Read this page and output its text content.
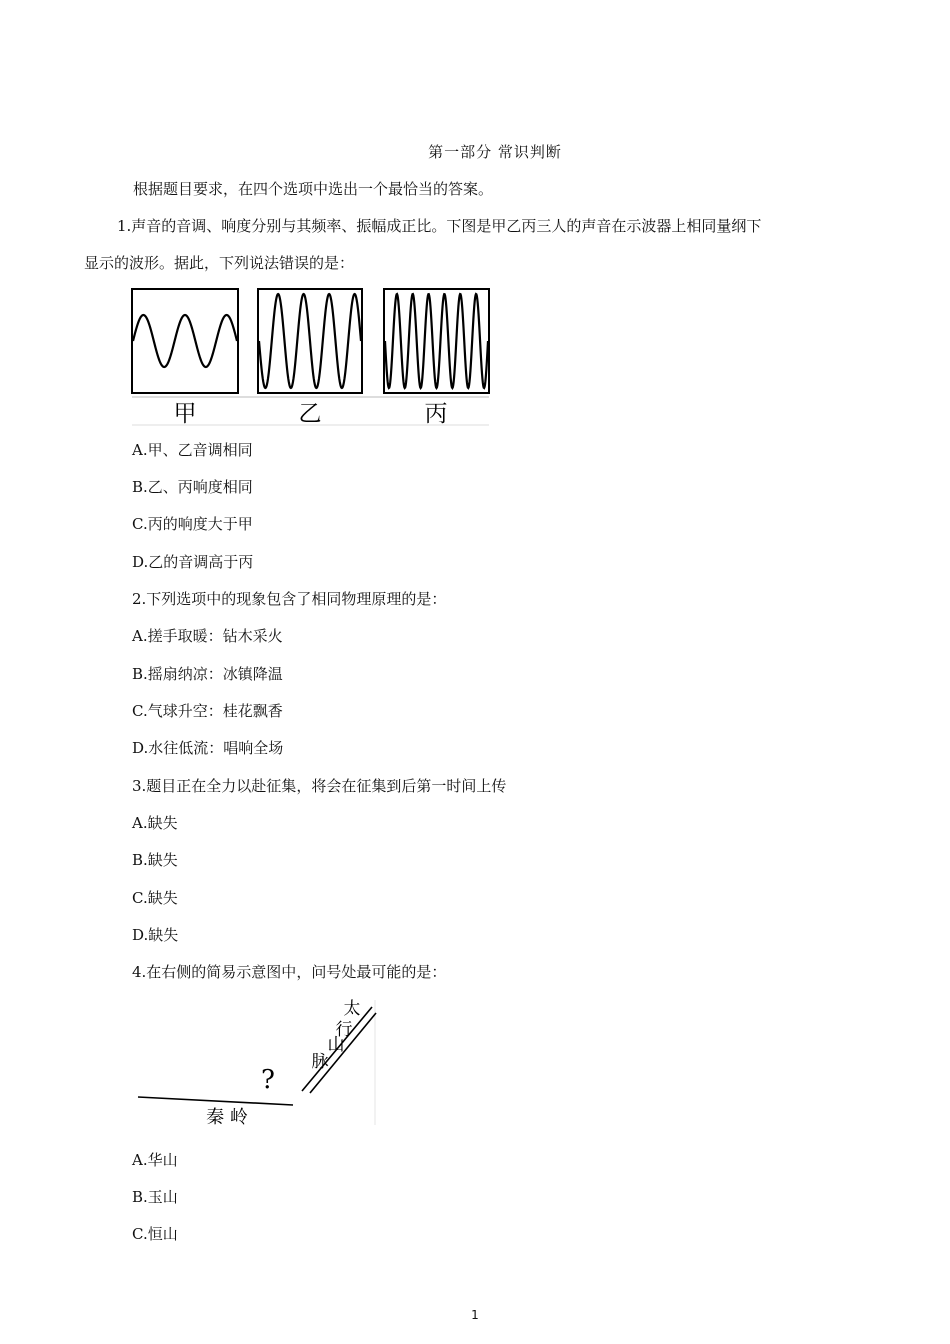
第一部分 常识判断
根据题目要求，在四个选项中选出一个最恰当的答案。
1.声音的音调、响度分别与其频率、振幅成正比。下图是甲乙丙三人的声音在示波器上相同量纲下
显示的波形。据此，下列说法错误的是：
甲	乙	丙
A.甲、乙音调相同
B.乙、丙响度相同
C.丙的响度大于甲
D.乙的音调高于丙
2.下列选项中的现象包含了相同物理原理的是：
A.搓手取暖：钻木采火
B.摇扇纳凉：冰镇降温
C.气球升空：桂花飘香
D.水往低流：唱响全场
3.题目正在全力以赴征集，将会在征集到后第一时间上传
A.缺失
B.缺失
C.缺失
D.缺失
4.在右侧的简易示意图中，问号处最可能的是：
秦 岭
太
行
山
脉
?
A.华山
B.玉山
C.恒山
1
